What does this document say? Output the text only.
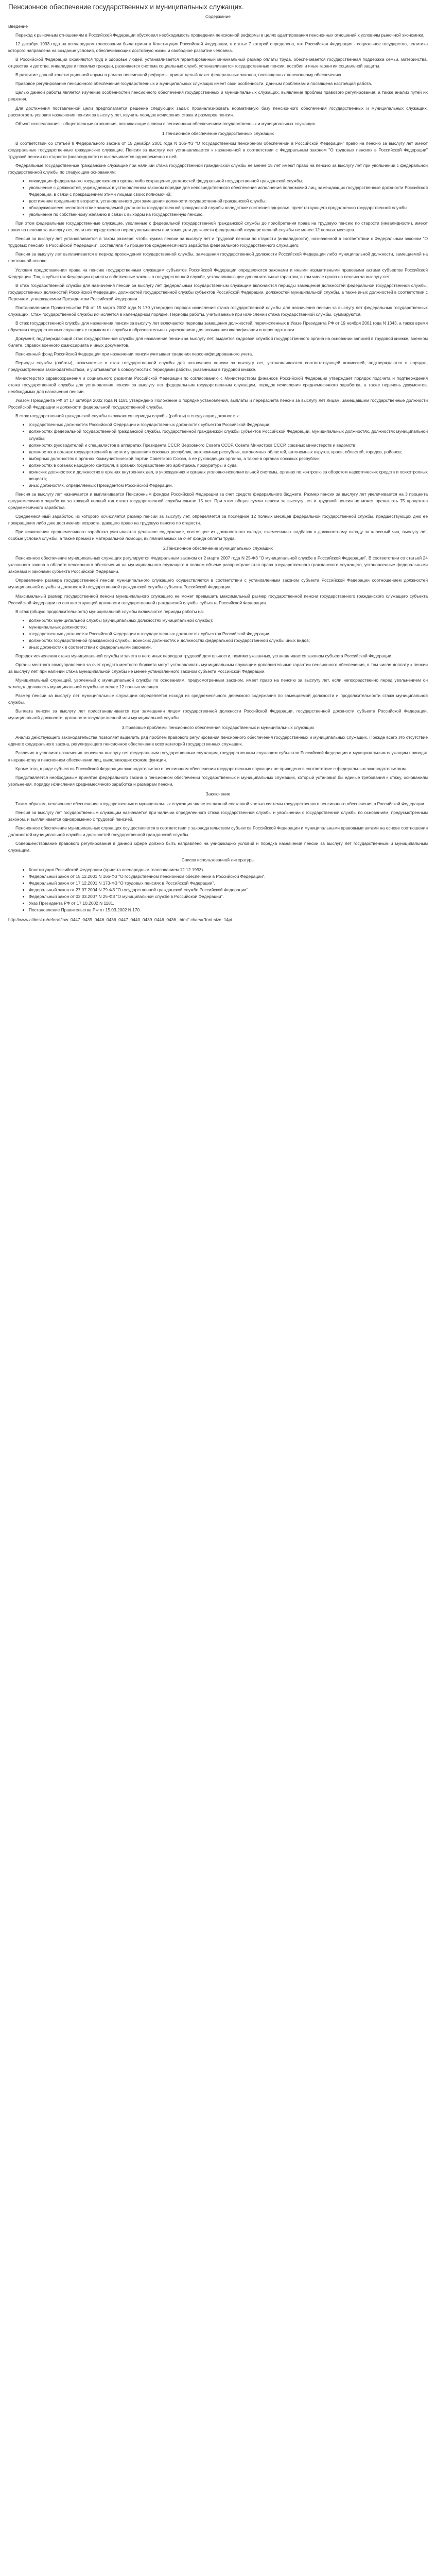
Пенсионное обеспечение государственных и муниципальных служащих.
Содержание

Введение

Переход к рыночным отношениям в Российской Федерации обусловил необходимость проведения пенсионной реформы в целях адаптирования пенсионных отношений к условиям рыночной экономики.

12 декабря 1993 года на всенародном голосовании была принята Конституция Российской Федерации, в статье 7 которой определено, что Российская Федерация - социальное государство, политика которого направлена на создание условий, обеспечивающих достойную жизнь и свободное развитие человека.

В Российской Федерации охраняются труд и здоровье людей, устанавливается гарантированный минимальный размер оплаты труда, обеспечивается государственная поддержка семьи, материнства, отцовства и детства, инвалидов и пожилых граждан, развивается система социальных служб, устанавливаются государственные пенсии, пособия и иные гарантии социальной защиты.

В развитие данной конституционной нормы в рамках пенсионной реформы, принят целый пакет федеральных законов, посвященных пенсионному обеспечению.

Правовое регулирование пенсионного обеспечения государственных и муниципальных служащих имеет свои особенности. Данным проблемам и посвящена настоящая работа.

Целью данной работы является изучение особенностей пенсионного обеспечения государственных и муниципальных служащих, выявление проблем правового регулирования, а также анализ путей их решения.

Для достижения поставленной цели предполагается решение следующих задач: проанализировать нормативную базу пенсионного обеспечения государственных и муниципальных служащих, рассмотреть условия назначения пенсии за выслугу лет, изучить порядок исчисления стажа и размеров пенсии.

Объект исследования - общественные отношения, возникающие в связи с пенсионным обеспечением государственных и муниципальных служащих.

1.Пенсионное обеспечение государственных служащих

В соответствии со статьей 8 Федерального закона от 15 декабря 2001 года N 166-ФЗ "О государственном пенсионном обеспечении в Российской Федерации" право на пенсию за выслугу лет имеют федеральные государственные гражданские служащие. Пенсия за выслугу лет устанавливается к назначенной в соответствии с Федеральным законом "О трудовых пенсиях в Российской Федерации" трудовой пенсии по старости (инвалидности) и выплачивается одновременно с ней.

Федеральные государственные гражданские служащие при наличии стажа государственной гражданской службы не менее 15 лет имеют право на пенсию за выслугу лет при увольнении с федеральной государственной службы по следующим основаниям:

• ликвидация федерального государственного органа либо сокращение должностей федеральной государственной гражданской службы;
• увольнение с должностей, учреждаемых в установленном законом порядке для непосредственного обеспечения исполнения полномочий лиц, замещающих государственные должности Российской Федерации, в связи с прекращением этими лицами своих полномочий;
• достижение предельного возраста, установленного для замещения должности государственной гражданской службы;
• обнаружившееся несоответствие замещаемой должности государственной гражданской службы вследствие состояния здоровья, препятствующего продолжению государственной службы;
• увольнение по собственному желанию в связи с выходом на государственную пенсию.

При этом федеральные государственные служащие, уволенные с федеральной государственной гражданской службы до приобретения права на трудовую пенсию по старости (инвалидности), имеют право на пенсию за выслугу лет, если непосредственно перед увольнением они замещали должности федеральной государственной службы не менее 12 полных месяцев.

Пенсия за выслугу лет устанавливается в таком размере, чтобы сумма пенсии за выслугу лет и трудовой пенсии по старости (инвалидности), назначенной в соответствии с Федеральным законом "О трудовых пенсиях в Российской Федерации", составляла 45 процентов среднемесячного заработка федерального государственного служащего.

Пенсия за выслугу лет выплачивается в период прохождения государственной службы, замещения государственной должности Российской Федерации либо муниципальной должности, замещаемой на постоянной основе.

Условия предоставления права на пенсию государственным служащим субъектов Российской Федерации определяются законами и иными нормативными правовыми актами субъектов Российской Федерации. Так, в субъектах Федерации приняты собственные законы о государственной службе, устанавливающие дополнительные гарантии, в том числе право на пенсию за выслугу лет.

В стаж государственной службы для назначения пенсии за выслугу лет федеральным государственным служащим включаются периоды замещения должностей федеральной государственной службы, государственных должностей Российской Федерации, должностей государственной службы субъектов Российской Федерации, должностей муниципальной службы, а также иных должностей в соответствии с Перечнем, утверждаемым Президентом Российской Федерации.

Постановлением Правительства РФ от 15 марта 2002 года N 170 утвержден порядок исчисления стажа государственной службы для назначения пенсии за выслугу лет федеральных государственных служащих. Стаж государственной службы исчисляется в календарном порядке. Периоды работы, учитываемые при исчислении стажа государственной службы, суммируются.

В стаж государственной службы для назначения пенсии за выслугу лет включаются периоды замещения должностей, перечисленных в Указе Президента РФ от 19 ноября 2001 года N 1343, а также время обучения государственных служащих с отрывом от службы в образовательных учреждениях для повышения квалификации и переподготовки.

Документ, подтверждающий стаж государственной службы для назначения пенсии за выслугу лет, выдается кадровой службой государственного органа на основании записей в трудовой книжке, военном билете, справок военного комиссариата и иных документов.

Пенсионный фонд Российской Федерации при назначении пенсии учитывает сведения персонифицированного учета.

Периоды службы (работы), включаемые в стаж государственной службы для назначения пенсии за выслугу лет, устанавливаются соответствующей комиссией, подтверждаются в порядке, предусмотренном законодательством, и учитываются в совокупности с периодами работы, указанными в трудовой книжке.

Министерство здравоохранения и социального развития Российской Федерации по согласованию с Министерством финансов Российской Федерации утверждает порядок подсчета и подтверждения стажа государственной службы для установления пенсии за выслугу лет федеральным государственным служащим, порядок исчисления среднемесячного заработка, а также перечень документов, необходимых для назначения пенсии.

Указом Президента РФ от 17 октября 2002 года N 1181 утверждено Положение о порядке установления, выплаты и перерасчета пенсии за выслугу лет лицам, замещавшим государственные должности Российской Федерации и должности федеральной государственной службы.

В стаж государственной гражданской службы включаются периоды службы (работы) в следующих должностях:

• государственных должностях Российской Федерации и государственных должностях субъектов Российской Федерации;
• должностях федеральной государственной гражданской службы, государственной гражданской службы субъектов Российской Федерации, муниципальных должностях, должностях муниципальной службы;
• должностях руководителей и специалистов в аппаратах Президента СССР, Верховного Совета СССР, Совета Министров СССР, союзных министерств и ведомств;
• должностях в органах государственной власти и управления союзных республик, автономных республик, автономных областей, автономных округов, краев, областей, городов, районов;
• выборных должностях в органах Коммунистической партии Советского Союза, в ее руководящих органах, а также в органах союзных республик;
• должностях в органах народного контроля, в органах государственного арбитража, прокуратуры и суда;
• воинских должностях и должностях в органах внутренних дел, в учреждениях и органах уголовно-исполнительной системы, органах по контролю за оборотом наркотических средств и психотропных веществ;
• иных должностях, определяемых Президентом Российской Федерации.

Пенсия за выслугу лет назначается и выплачивается Пенсионным фондом Российской Федерации за счет средств федерального бюджета. Размер пенсии за выслугу лет увеличивается на 3 процента среднемесячного заработка за каждый полный год стажа государственной службы свыше 15 лет. При этом общая сумма пенсии за выслугу лет и трудовой пенсии не может превышать 75 процентов среднемесячного заработка.

Среднемесячный заработок, из которого исчисляется размер пенсии за выслугу лет, определяется за последние 12 полных месяцев федеральной государственной службы, предшествующих дню ее прекращения либо дню достижения возраста, дающего право на трудовую пенсию по старости.

При исчислении среднемесячного заработка учитываются денежное содержание, состоящее из должностного оклада, ежемесячных надбавок к должностному окладу за классный чин, выслугу лет, особые условия службы, а также премий и материальной помощи, выплачиваемых за счет фонда оплаты труда.

2.Пенсионное обеспечение муниципальных служащих

Пенсионное обеспечение муниципальных служащих регулируется Федеральным законом от 2 марта 2007 года N 25-ФЗ "О муниципальной службе в Российской Федерации". В соответствии со статьей 24 указанного закона в области пенсионного обеспечения на муниципального служащего в полном объеме распространяются права государственного гражданского служащего, установленные федеральными законами и законами субъекта Российской Федерации.

Определение размера государственной пенсии муниципального служащего осуществляется в соответствии с установленным законом субъекта Российской Федерации соотношением должностей муниципальной службы и должностей государственной гражданской службы субъекта Российской Федерации.

Максимальный размер государственной пенсии муниципального служащего не может превышать максимальный размер государственной пенсии государственного гражданского служащего субъекта Российской Федерации по соответствующей должности государственной гражданской службы субъекта Российской Федерации.

В стаж (общую продолжительность) муниципальной службы включаются периоды работы на:

• должностях муниципальной службы (муниципальных должностях муниципальной службы);
• муниципальных должностях;
• государственных должностях Российской Федерации и государственных должностях субъектов Российской Федерации;
• должностях государственной гражданской службы, воинских должностях и должностях федеральной государственной службы иных видов;
• иных должностях в соответствии с федеральными законами.

Порядок исчисления стажа муниципальной службы и зачета в него иных периодов трудовой деятельности, помимо указанных, устанавливается законом субъекта Российской Федерации.

Органы местного самоуправления за счет средств местного бюджета могут устанавливать муниципальным служащим дополнительные гарантии пенсионного обеспечения, в том числе доплату к пенсии за выслугу лет, при наличии стажа муниципальной службы не менее установленного законом субъекта Российской Федерации.

Муниципальный служащий, уволенный с муниципальной службы по основаниям, предусмотренным законом, имеет право на пенсию за выслугу лет, если непосредственно перед увольнением он замещал должность муниципальной службы не менее 12 полных месяцев.

Размер пенсии за выслугу лет муниципальным служащим определяется исходя из среднемесячного денежного содержания по замещаемой должности и продолжительности стажа муниципальной службы.

Выплата пенсии за выслугу лет приостанавливается при замещении лицом государственной должности Российской Федерации, государственной должности субъекта Российской Федерации, муниципальной должности, должности государственной или муниципальной службы.

3.Правовые проблемы пенсионного обеспечения государственных и муниципальных служащих

Анализ действующего законодательства позволяет выделить ряд проблем правового регулирования пенсионного обеспечения государственных и муниципальных служащих. Прежде всего это отсутствие единого федерального закона, регулирующего пенсионное обеспечение всех категорий государственных служащих.

Различия в условиях назначения пенсии за выслугу лет федеральным государственным служащим, государственным служащим субъектов Российской Федерации и муниципальным служащим приводят к неравенству в пенсионном обеспечении лиц, выполняющих схожие функции.

Кроме того, в ряде субъектов Российской Федерации законодательство о пенсионном обеспечении государственных служащих не приведено в соответствие с федеральным законодательством.

Представляется необходимым принятие федерального закона о пенсионном обеспечении государственных и муниципальных служащих, который установил бы единые требования к стажу, основаниям увольнения, порядку исчисления среднемесячного заработка и размерам пенсии.

Заключение

Таким образом, пенсионное обеспечение государственных и муниципальных служащих является важной составной частью системы государственного пенсионного обеспечения в Российской Федерации.

Пенсия за выслугу лет государственным служащим назначается при наличии определенного стажа государственной службы и увольнении с государственной службы по основаниям, предусмотренным законом, и выплачивается одновременно с трудовой пенсией.

Пенсионное обеспечение муниципальных служащих осуществляется в соответствии с законодательством субъектов Российской Федерации и муниципальными правовыми актами на основе соотношения должностей муниципальной службы и должностей государственной гражданской службы.

Совершенствование правового регулирования в данной сфере должно быть направлено на унификацию условий и порядка назначения пенсии за выслугу лет государственным и муниципальным служащим.

Список использованной литературы
• Конституция Российской Федерации (принята всенародным голосованием 12.12.1993).
• Федеральный закон от 15.12.2001 N 166-ФЗ "О государственном пенсионном обеспечении в Российской Федерации".
• Федеральный закон от 17.12.2001 N 173-ФЗ "О трудовых пенсиях в Российской Федерации".
• Федеральный закон от 27.07.2004 N 79-ФЗ "О государственной гражданской службе Российской Федерации".
• Федеральный закон от 02.03.2007 N 25-ФЗ "О муниципальной службе в Российской Федерации".
• Указ Президента РФ от 17.10.2002 N 1181.
• Постановление Правительства РФ от 15.03.2002 N 170.
http://www.allbest.ru/referat/law_0447_0439_0446_0436_0447_0440_0439_0446_0436_.html" chars="font-size: 14pt
